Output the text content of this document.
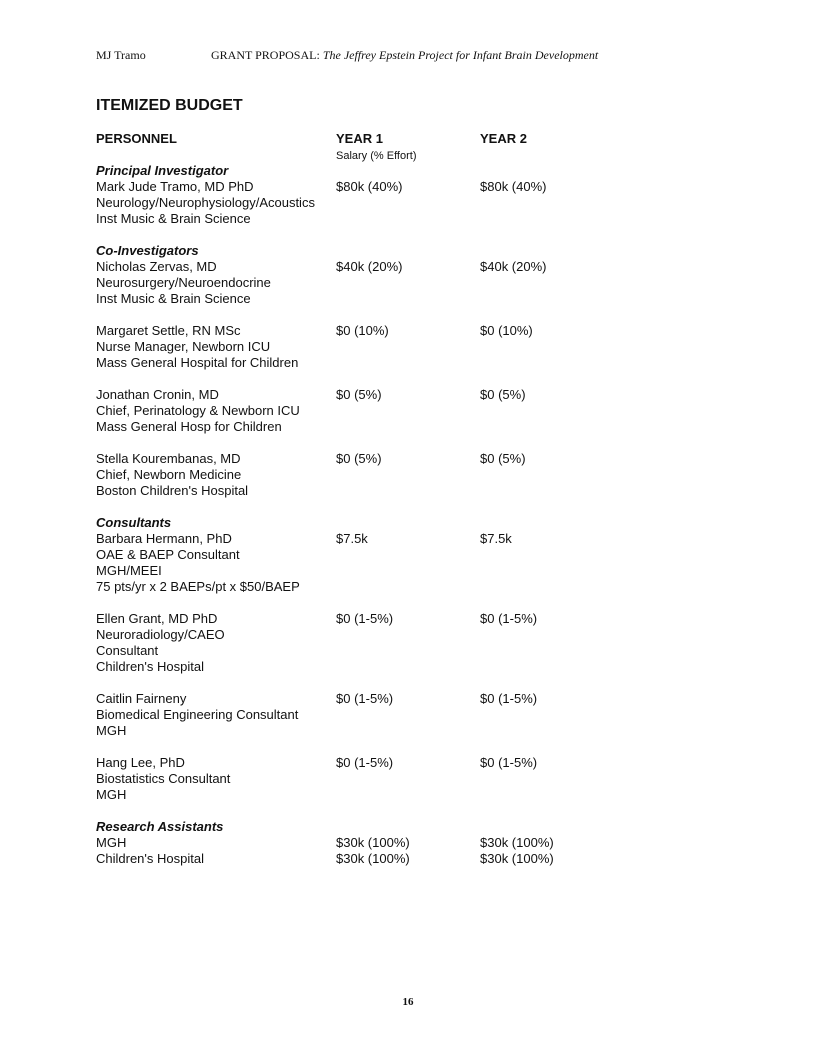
MJ Tramo	GRANT PROPOSAL: The Jeffrey Epstein Project for Infant Brain Development
ITEMIZED BUDGET
PERSONNEL	YEAR 1	YEAR 2
Salary (% Effort)
Principal Investigator
Mark Jude Tramo, MD PhD
Neurology/Neurophysiology/Acoustics
Inst Music & Brain Science
$80k (40%)	$80k (40%)
Co-Investigators
Nicholas Zervas, MD
Neurosurgery/Neuroendocrine
Inst Music & Brain Science
$40k (20%)	$40k (20%)
Margaret Settle, RN MSc
Nurse Manager, Newborn ICU
Mass General Hospital for Children
$0 (10%)	$0 (10%)
Jonathan Cronin, MD
Chief, Perinatology & Newborn ICU
Mass General Hosp for Children
$0 (5%)	$0 (5%)
Stella Kourembanas, MD
Chief, Newborn Medicine
Boston Children's Hospital
$0 (5%)	$0 (5%)
Consultants
Barbara Hermann, PhD
OAE & BAEP Consultant
MGH/MEEI
75 pts/yr x 2 BAEPs/pt x $50/BAEP
$7.5k	$7.5k
Ellen Grant, MD PhD
Neuroradiology/CAEO
Consultant
Children's Hospital
$0 (1-5%)	$0 (1-5%)
Caitlin Fairneny
Biomedical Engineering Consultant
MGH
$0 (1-5%)	$0 (1-5%)
Hang Lee, PhD
Biostatistics Consultant
MGH
$0 (1-5%)	$0 (1-5%)
Research Assistants
MGH	$30k (100%)	$30k (100%)
Children's Hospital	$30k (100%)	$30k (100%)
16
